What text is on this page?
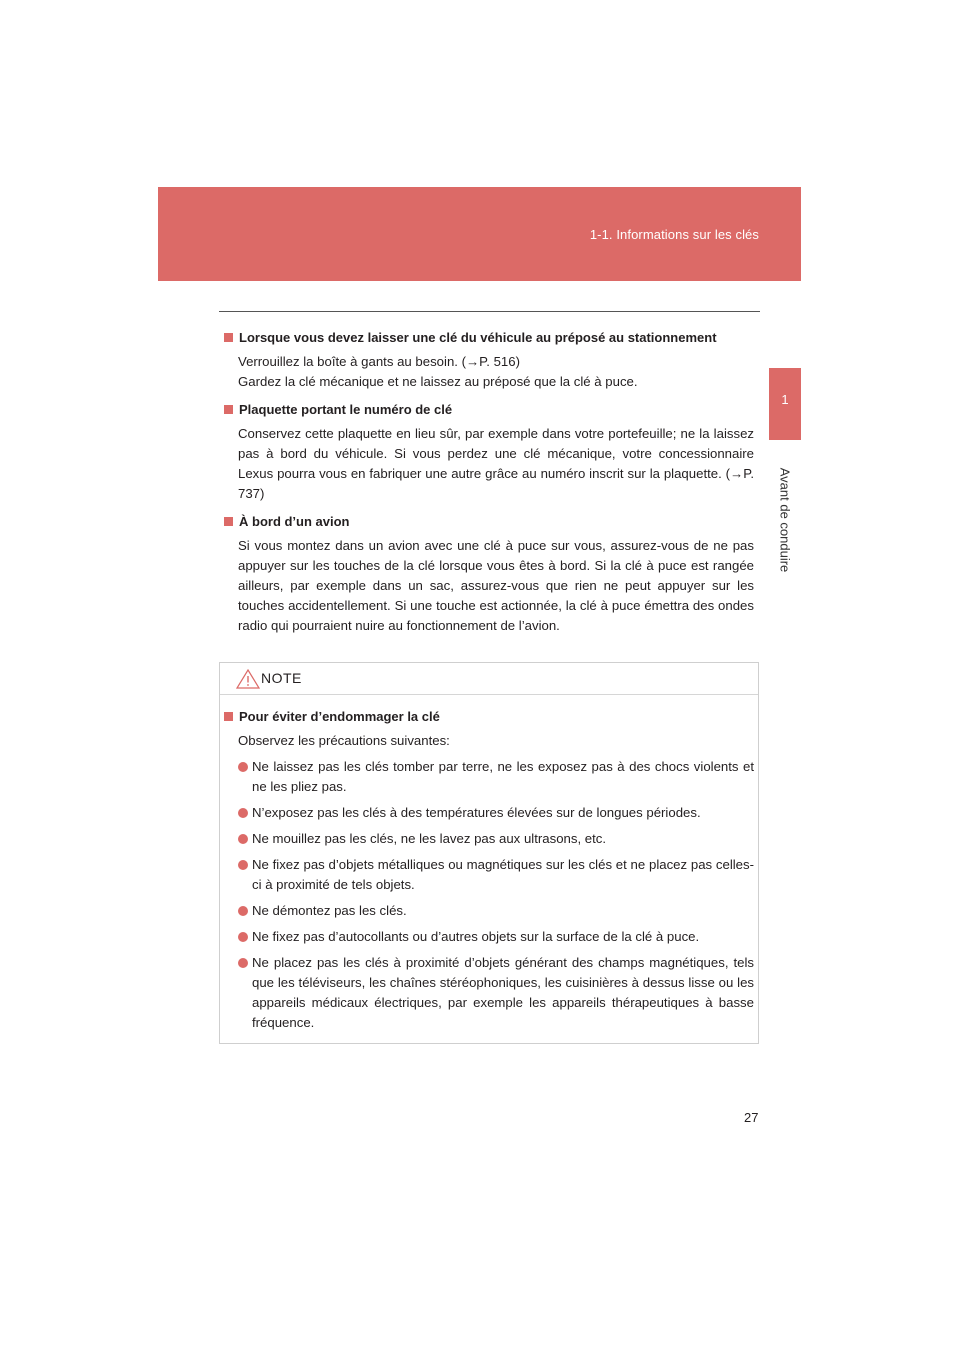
1-1. Informations sur les clés
1
Avant de conduire
Lorsque vous devez laisser une clé du véhicule au préposé au stationnement

Verrouillez la boîte à gants au besoin. (→P. 516)

Gardez la clé mécanique et ne laissez au préposé que la clé à puce.

Plaquette portant le numéro de clé

Conservez cette plaquette en lieu sûr, par exemple dans votre portefeuille; ne la laissez pas à bord du véhicule. Si vous perdez une clé mécanique, votre concessionnaire Lexus pourra vous en fabriquer une autre grâce au numéro inscrit sur la plaquette. (→P. 737)

À bord d’un avion

Si vous montez dans un avion avec une clé à puce sur vous, assurez-vous de ne pas appuyer sur les touches de la clé lorsque vous êtes à bord. Si la clé à puce est rangée ailleurs, par exemple dans un sac, assurez-vous que rien ne peut appuyer sur les touches accidentellement. Si une touche est actionnée, la clé à puce émettra des ondes radio qui pourraient nuire au fonctionnement de l’avion.

NOTE
Pour éviter d’endommager la clé

Observez les précautions suivantes:

Ne laissez pas les clés tomber par terre, ne les exposez pas à des chocs violents et ne les pliez pas.
N’exposez pas les clés à des températures élevées sur de longues périodes.
Ne mouillez pas les clés, ne les lavez pas aux ultrasons, etc.
Ne fixez pas d’objets métalliques ou magnétiques sur les clés et ne placez pas celles-ci à proximité de tels objets.
Ne démontez pas les clés.
Ne fixez pas d’autocollants ou d’autres objets sur la surface de la clé à puce.
Ne placez pas les clés à proximité d’objets générant des champs magnétiques, tels que les téléviseurs, les chaînes stéréophoniques, les cuisinières à dessus lisse ou les appareils médicaux électriques, par exemple les appareils thérapeutiques à basse fréquence.
27
